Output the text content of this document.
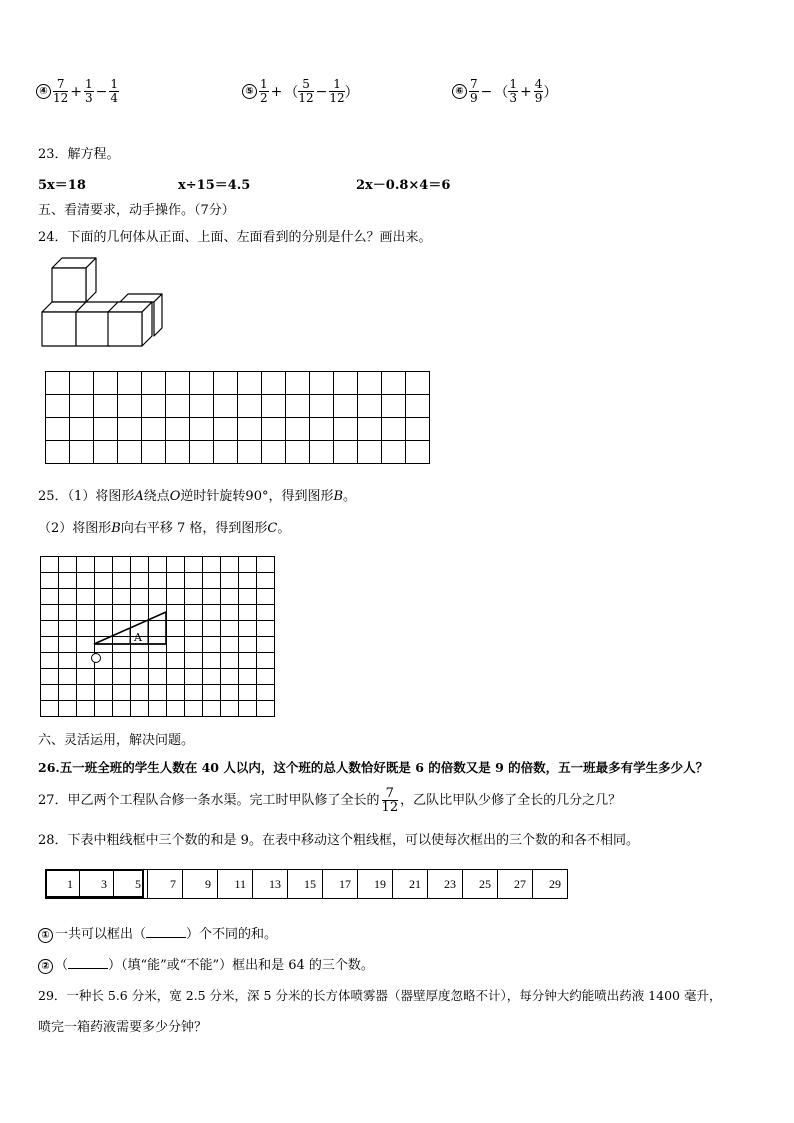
④ $\frac{7}{12} + \frac{1}{3} - \frac{1}{4}$	⑤ $\frac{1}{2}$ + （ $\frac{5}{12} - \frac{1}{12}$ ）	⑥ $\frac{7}{9}$ − （ $\frac{1}{3} + \frac{4}{9}$ ）
23．解方程。
5x＝18	x÷15＝4.5	2x－0.8×4＝6
五、看清要求，动手操作。（7分）
24．下面的几何体从正面、上面、左面看到的分别是什么？画出来。

25．（1）将图形A绕点O逆时针旋转90°，得到图形B。
（2）将图形B向右平移 7 格，得到图形C。

A
六、灵活运用，解决问题。
26.五一班全班的学生人数在 40 人以内，这个班的总人数恰好既是 6 的倍数又是 9 的倍数，五一班最多有学生多少人？
27．甲乙两个工程队合修一条水渠。完工时甲队修了全长的 $\frac{7}{12}$ ，乙队比甲队少修了全长的几分之几？
28．下表中粗线框中三个数的和是 9。在表中移动这个粗线框，可以使每次框出的三个数的和各不相同。
1	3	5	7	9	11	13	15	17	19	21	23	25	27	29
① 一共可以框出（	）个不同的和。
② （	）（填“能”或“不能”）框出和是 64 的三个数。
29．一种长 5.6 分米，宽 2.5 分米，深 5 分米的长方体喷雾器（器壁厚度忽略不计），每分钟大约能喷出药液 1400 毫升，
喷完一箱药液需要多少分钟？
